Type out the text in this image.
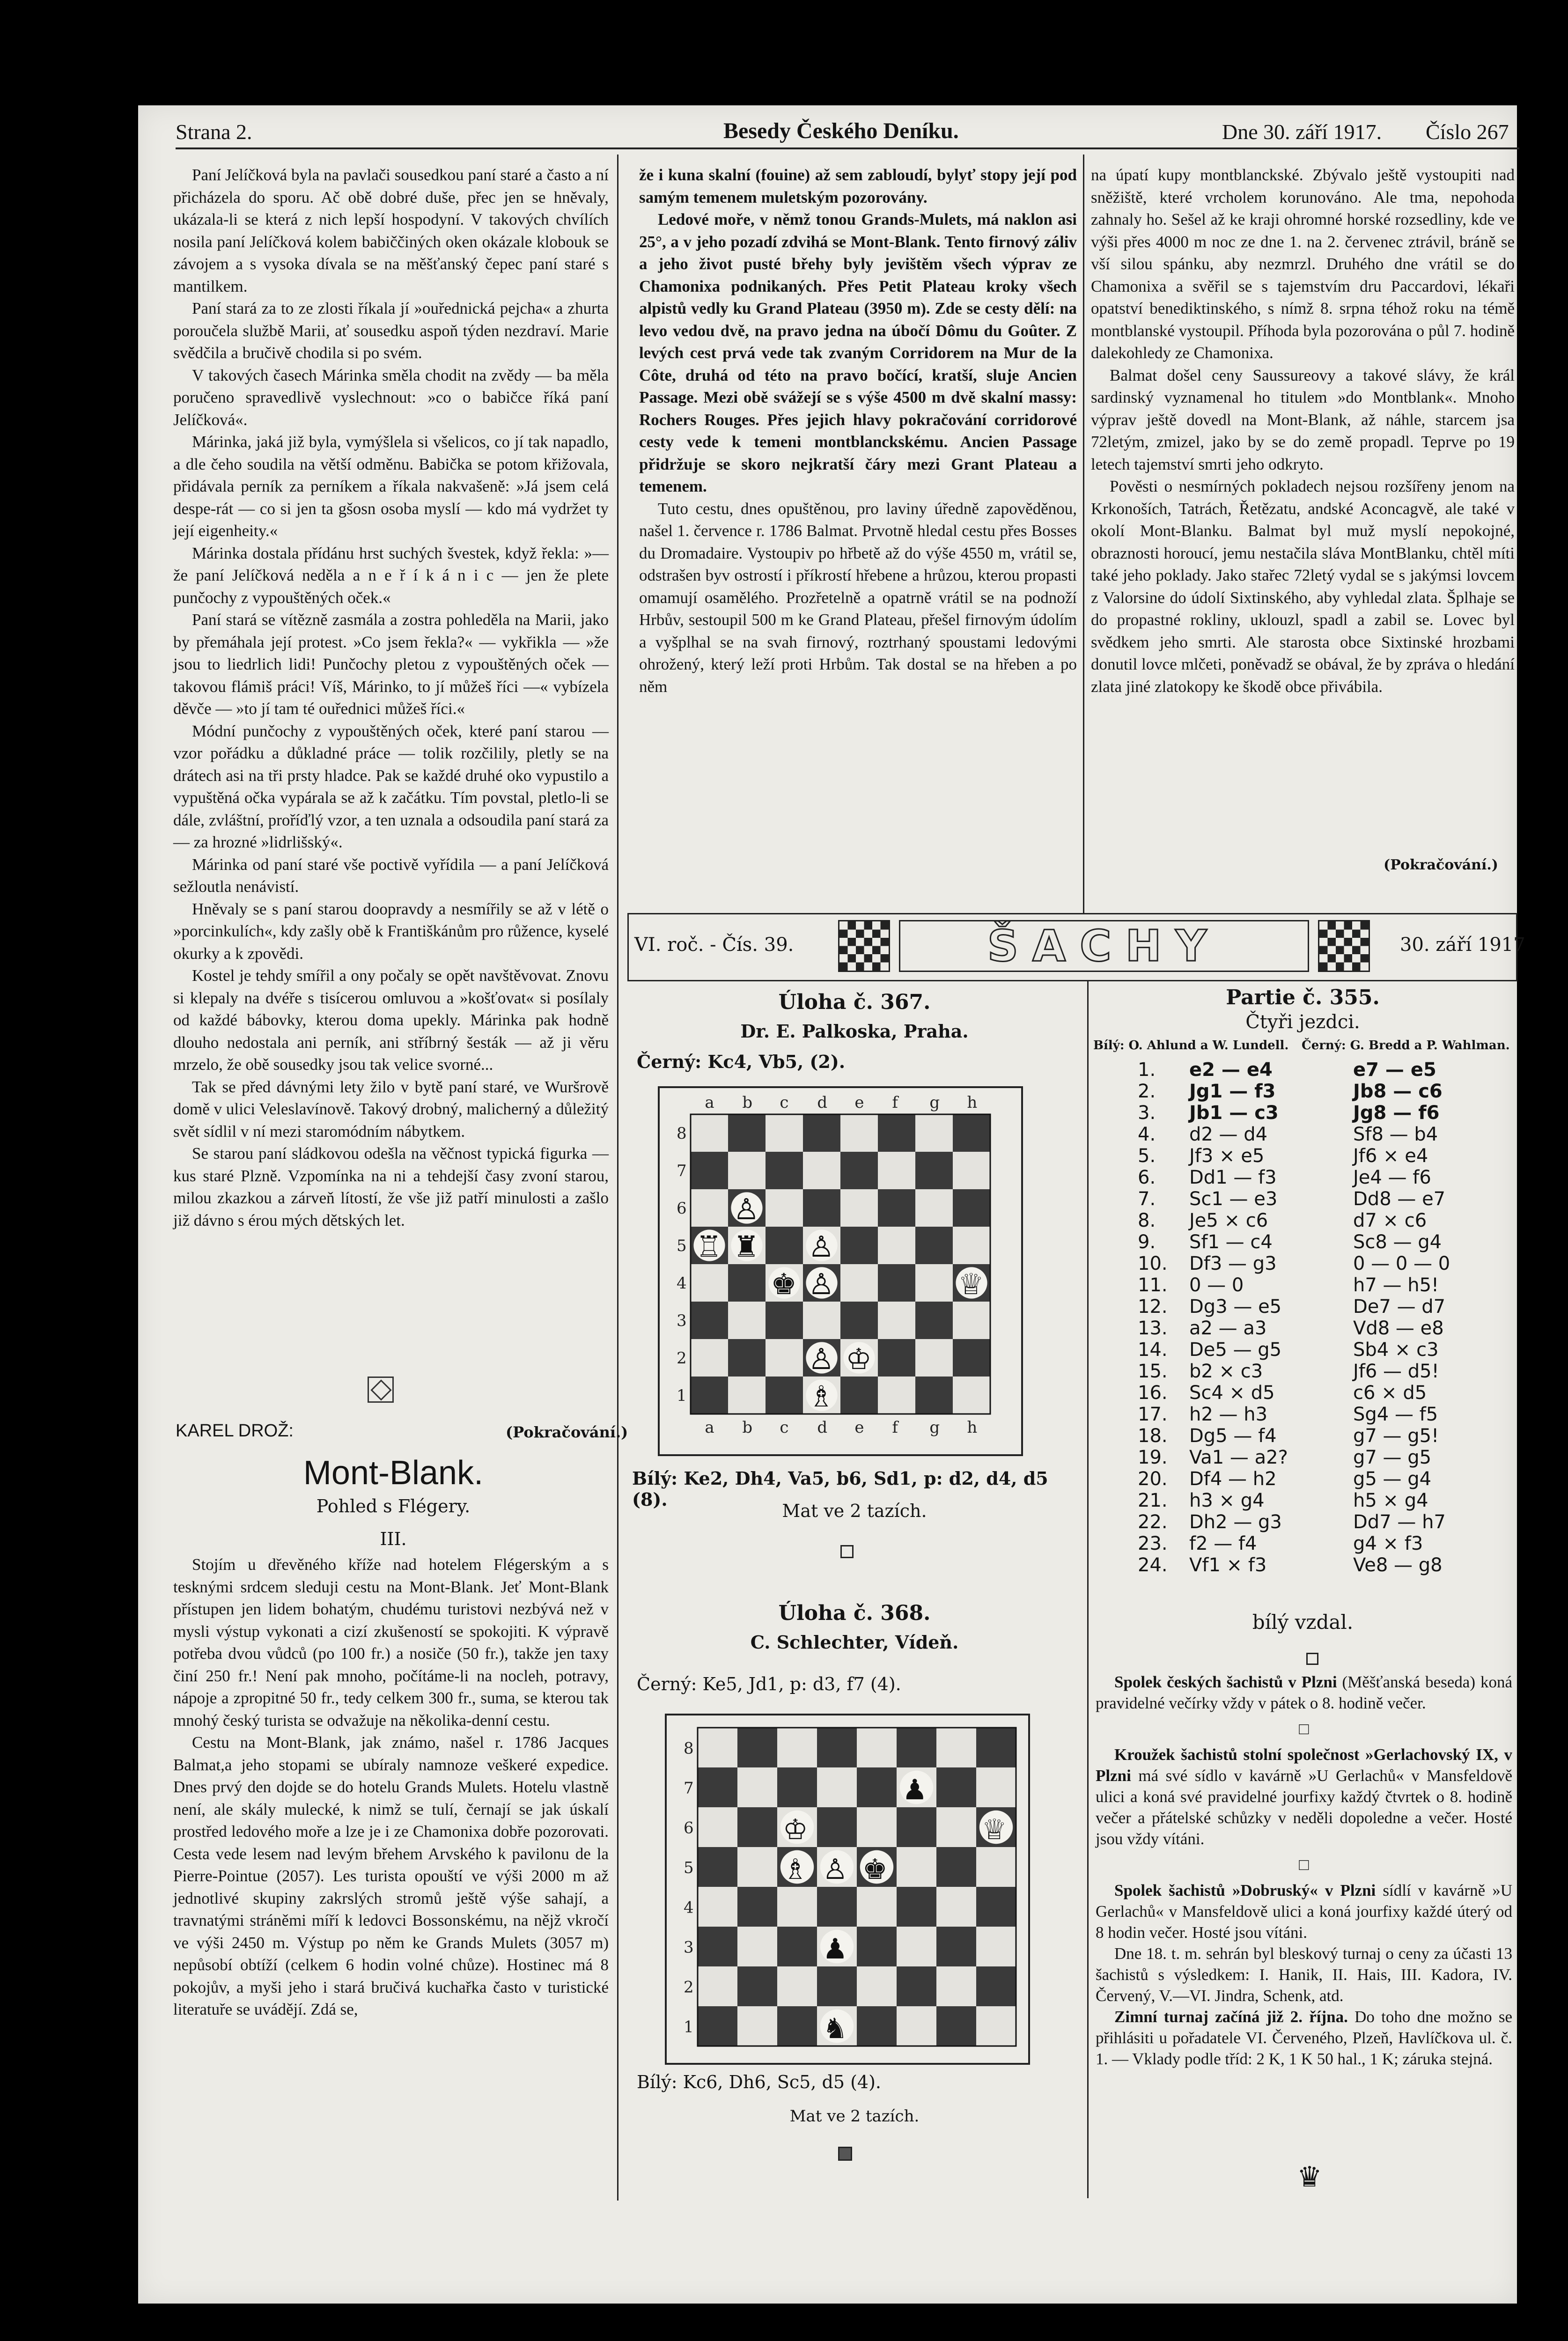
Strana 2.	Besedy Českého Deníku.	Dne 30. září 1917. Číslo 267

Paní Jelíčková byla na pavlači sousedkou paní staré a často a ní přicházela do sporu. Ač obě dobré duše, přec jen se hněvaly, ukázala-li se která z nich lepší hospodyní. V takových chvílích nosila paní Jelíčková kolem babiččiných oken okázale klobouk se závojem a s vysoka dívala se na měšťanský čepec paní staré s mantilkem.

Paní stará za to ze zlosti říkala jí »ouřednická pejcha« a zhurta poroučela službě Marii, ať sousedku aspoň týden nezdraví. Marie svědčila a bručivě chodila si po svém.

V takových časech Márinka směla chodit na zvědy — ba měla poručeno spravedlivě vyslechnout: »co o babičce říká paní Jelíčková«.

Márinka, jaká již byla, vymýšlela si všelicos, co jí tak napadlo, a dle čeho soudila na větší odměnu. Babička se potom křižovala, přidávala perník za perníkem a říkala nakvašeně: »Já jsem celá despe-rát — co si jen ta gšosn osoba myslí — kdo má vydržet ty její eigenheity.«

Márinka dostala přídánu hrst suchých švestek, když řekla: »— že paní Jelíčková neděla a n e ř í k á n i c — jen že plete punčochy z vypouštěných oček.«

Paní stará se vítězně zasmála a zostra pohleděla na Marii, jako by přemáhala její protest. »Co jsem řekla?« — vykřikla — »že jsou to liedrlich lidi! Punčochy pletou z vypouštěných oček — takovou flámiš práci! Víš, Márinko, to jí můžeš říci —« vybízela děvče — »to jí tam té ouřednici můžeš říci.«

Módní punčochy z vypouštěných oček, které paní starou — vzor pořádku a důkladné práce — tolik rozčilily, pletly se na drátech asi na tři prsty hladce. Pak se každé druhé oko vypustilo a vypuštěná očka vypárala se až k začátku. Tím povstal, pletlo-li se dále, zvláštní, proříďlý vzor, a ten uznala a odsoudila paní stará za — za hrozné »lidrlišský«.

Márinka od paní staré vše poctivě vyřídila — a paní Jelíčková sežloutla nenávistí.

Hněvaly se s paní starou doopravdy a nesmířily se až v létě o »porcinkulích«, kdy zašly obě k Františkánům pro růžence, kyselé okurky a k zpovědi.

Kostel je tehdy smířil a ony počaly se opět navštěvovat. Znovu si klepaly na dvéře s tisícerou omluvou a »košťovat« si posílaly od každé bábovky, kterou doma upekly. Márinka pak hodně dlouho nedostala ani perník, ani stříbrný šesták — až ji věru mrzelo, že obě sousedky jsou tak velice svorné...

Tak se před dávnými lety žilo v bytě paní staré, ve Wuršrově domě v ulici Veleslavínově. Takový drobný, malicherný a důležitý svět sídlil v ní mezi staromódním nábytkem.

Se starou paní sládkovou odešla na věčnost typická figurka — kus staré Plzně. Vzpomínka na ni a tehdejší časy zvoní starou, milou zkazkou a zárveň lítostí, že vše již patří minulosti a zašlo již dávno s érou mých dětských let.

KAREL DROŽ:	(Pokračování.)
Mont-Blank.
Pohled s Flégery.
III.

Stojím u dřevěného kříže nad hotelem Flégerským a s tesknými srdcem sleduji cestu na Mont-Blank. Jeť Mont-Blank přístupen jen lidem bohatým, chudému turistovi nezbývá než v mysli výstup vykonati a cizí zkušeností se spokojiti. K výpravě potřeba dvou vůdců (po 100 fr.) a nosiče (50 fr.), takže jen taxy činí 250 fr.! Není pak mnoho, počítáme-li na nocleh, potravy, nápoje a zpropitné 50 fr., tedy celkem 300 fr., suma, se kterou tak mnohý český turista se odvažuje na několika-denní cestu.

Cestu na Mont-Blank, jak známo, našel r. 1786 Jacques Balmat,a jeho stopami se ubíraly namnoze veškeré expedice. Dnes prvý den dojde se do hotelu Grands Mulets. Hotelu vlastně není, ale skály mulecké, k nimž se tulí, černají se jak úskalí prostřed ledového moře a lze je i ze Chamonixa dobře pozorovati. Cesta vede lesem nad levým břehem Arvského k pavilonu de la Pierre-Pointue (2057). Les turista opouští ve výši 2000 m až jednotlivé skupiny zakrslých stromů ještě výše sahají, a travnatými stráněmi míří k ledovci Bossonskému, na nějž vkročí ve výši 2450 m. Výstup po něm ke Grands Mulets (3057 m) nepůsobí obtíží (celkem 6 hodin volné chůze). Hostinec má 8 pokojův, a myši jeho i stará bručivá kuchařka často v turistické literatuře se uvádějí. Zdá se,

že i kuna skalní (fouine) až sem zabloudí, bylyť stopy její pod samým temenem muletským pozorovány.

Ledové moře, v němž tonou Grands-Mulets, má naklon asi 25°, a v jeho pozadí zdvihá se Mont-Blank. Tento firnový záliv a jeho život pusté břehy byly jevištěm všech výprav ze Chamonixa podnikaných. Přes Petit Plateau kroky všech alpistů vedly ku Grand Plateau (3950 m). Zde se cesty dělí: na levo vedou dvě, na pravo jedna na úbočí Dômu du Goûter. Z levých cest prvá vede tak zvaným Corridorem na Mur de la Côte, druhá od této na pravo bočící, kratší, sluje Ancien Passage. Mezi obě svážejí se s výše 4500 m dvě skalní massy: Rochers Rouges. Přes jejich hlavy pokračování corridorové cesty vede k temeni montblanckskému. Ancien Passage přidržuje se skoro nejkratší čáry mezi Grant Plateau a temenem.

Tuto cestu, dnes opuštěnou, pro laviny úředně zapověděnou, našel 1. července r. 1786 Balmat. Prvotně hledal cestu přes Bosses du Dromadaire. Vystoupiv po hřbetě až do výše 4550 m, vrátil se, odstrašen byv ostrostí i příkrostí hřebene a hrůzou, kterou propasti omamují osamělého. Prozřetelně a opatrně vrátil se na podnoží Hrbův, sestoupil 500 m ke Grand Plateau, přešel firnovým údolím a vyšplhal se na svah firnový, roztrhaný spoustami ledovými ohrožený, který leží proti Hrbům. Tak dostal se na hřeben a po něm

na úpatí kupy montblanckské. Zbývalo ještě vystoupiti nad sněžiště, které vrcholem korunováno. Ale tma, nepohoda zahnaly ho. Sešel až ke kraji ohromné horské rozsedliny, kde ve výši přes 4000 m noc ze dne 1. na 2. červenec ztrávil, bráně se vší silou spánku, aby nezmrzl. Druhého dne vrátil se do Chamonixa a svěřil se s tajemstvím dru Paccardovi, lékaři opatství benediktinského, s nímž 8. srpna téhož roku na témě montblanské vystoupil. Příhoda byla pozorována o půl 7. hodině dalekohledy ze Chamonixa.

Balmat došel ceny Saussureovy a takové slávy, že král sardinský vyznamenal ho titulem »do Montblank«. Mnoho výprav ještě dovedl na Mont-Blank, až náhle, starcem jsa 72letým, zmizel, jako by se do země propadl. Teprve po 19 letech tajemství smrti jeho odkryto.

Pověsti o nesmírných pokladech nejsou rozšířeny jenom na Krkonoších, Tatrách, Řetězatu, andské Aconcagvě, ale také v okolí Mont-Blanku. Balmat byl muž myslí nepokojné, obraznosti horoucí, jemu nestačila sláva MontBlanku, chtěl míti také jeho poklady. Jako stařec 72letý vydal se s jakýmsi lovcem z Valorsine do údolí Sixtinského, aby vyhledal zlata. Šplhaje se do propastné rokliny, uklouzl, spadl a zabil se. Lovec byl svědkem jeho smrti. Ale starosta obce Sixtinské hrozbami donutil lovce mlčeti, poněvadž se obával, že by zpráva o hledání zlata jiné zlatokopy ke škodě obce přivábila.

(Pokračování.)
VI. roč. - Čís. 39.	ŠACHY	30. září 1917
Úloha č. 367.
Dr. E. Palkoska, Praha.
Černý: Kc4, Vb5, (2).
8
7
6
5
4
3
2
1
a
a
b
b
c
c
d
d
e
e
f
f
g
g
h
h
♚
♜
♔
♕
♖
♙
♗
♙
♙
♙
Bílý: Ke2, Dh4, Va5, b6, Sd1, p: d2, d4, d5 (8).
Mat ve 2 tazích.
Úloha č. 368.
C. Schlechter, Vídeň.
Černý: Ke5, Jd1, p: d3, f7 (4).
8
7
6
5
4
3
2
1
♚
♞
♟
♟
♔	♕
♗ ♙
Bílý: Kc6, Dh6, Sc5, d5 (4).
Mat ve 2 tazích.
Partie č. 355.
Čtyři jezdci.
Bílý: O. Ahlund a W. Lundell. Černý: G. Bredd a P. Wahlman.
1. e2 — e4	e7 — e5
2. Jg1 — f3	Jb8 — c6
3. Jb1 — c3	Jg8 — f6
4. d2 — d4	Sf8 — b4
5. Jf3 × e5	Jf6 × e4
6. Dd1 — f3	Je4 — f6
7. Sc1 — e3	Dd8 — e7
8. Je5 × c6	d7 × c6
9. Sf1 — c4	Sc8 — g4
10. Df3 — g3	0 — 0 — 0
11. 0 — 0	h7 — h5!
12. Dg3 — e5	De7 — d7
13. a2 — a3	Vd8 — e8
14. De5 — g5	Sb4 × c3
15. b2 × c3	Jf6 — d5!
16. Sc4 × d5	c6 × d5
17. h2 — h3	Sg4 — f5
18. Dg5 — f4	g7 — g5!
19. Va1 — a2?	g7 — g5
20. Df4 — h2	g5 — g4
21. h3 × g4	h5 × g4
22. Dh2 — g3	Dd7 — h7
23. f2 — f4	g4 × f3
24. Vf1 × f3	Ve8 — g8
bílý vzdal.

Spolek českých šachistů v Plzni (Měšťanská beseda) koná pravidelné večírky vždy v pátek o 8. hodině večer.

□

Kroužek šachistů stolní společnost »Gerlachovský IX, v Plzni má své sídlo v kavárně »U Gerlachů« v Mansfeldově ulici a koná své pravidelné jourfixy každý čtvrtek o 8. hodině večer a přátelské schůzky v neděli dopoledne a večer. Hosté jsou vždy vítáni.

□

Spolek šachistů »Dobruský« v Plzni sídlí v kavárně »U Gerlachů« v Mansfeldově ulici a koná jourfixy každé úterý od 8 hodin večer. Hosté jsou vítáni.

Dne 18. t. m. sehrán byl bleskový turnaj o ceny za účasti 13 šachistů s výsledkem: I. Hanik, II. Hais, III. Kadora, IV. Červený, V.—VI. Jindra, Schenk, atd.

Zimní turnaj začíná již 2. října. Do toho dne možno se přihlásiti u pořadatele VI. Červeného, Plzeň, Havlíčkova ul. č. 1. — Vklady podle tříd: 2 K, 1 K 50 hal., 1 K; záruka stejná.

♛
